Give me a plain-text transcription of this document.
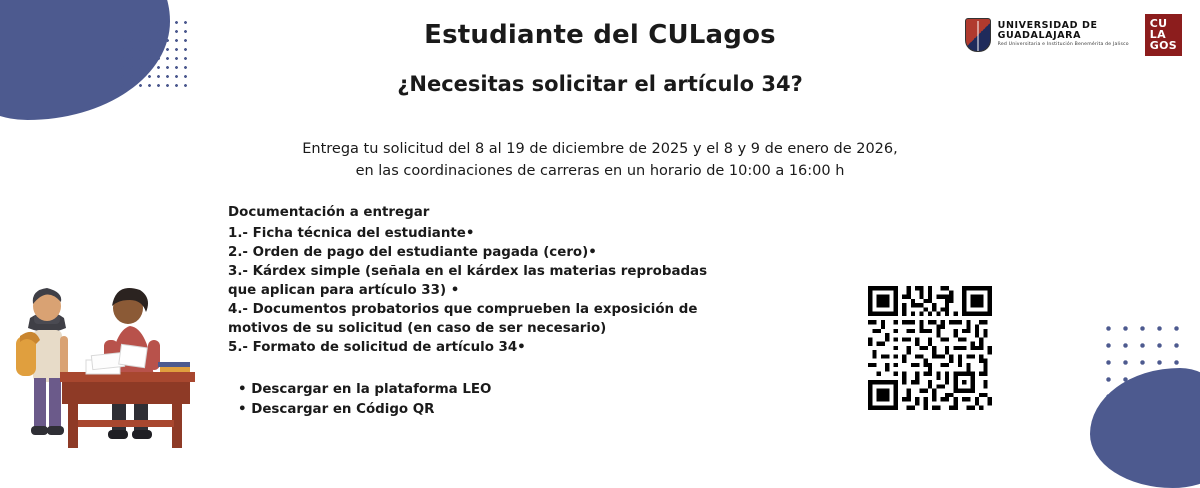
Estudiante del CULagos
¿Necesitas solicitar el artículo 34?
UNIVERSIDAD DE
GUADALAJARA
Red Universitaria e Institución Benemérita de Jalisco
CU
LA
GOS
Entrega tu solicitud del 8 al 19 de diciembre de 2025 y el 8 y 9 de enero de 2026,
en las coordinaciones de carreras en un horario de 10:00 a 16:00 h
Documentación a entregar
1.- Ficha técnica del estudiante•
2.- Orden de pago del estudiante pagada (cero)•
3.- Kárdex simple (señala en el kárdex las materias reprobadas que aplican para artículo 33) •
4.- Documentos probatorios que comprueben la exposición de motivos de su solicitud (en caso de ser necesario)
5.- Formato de solicitud de artículo 34•
• Descargar en la plataforma LEO
• Descargar en Código QR
